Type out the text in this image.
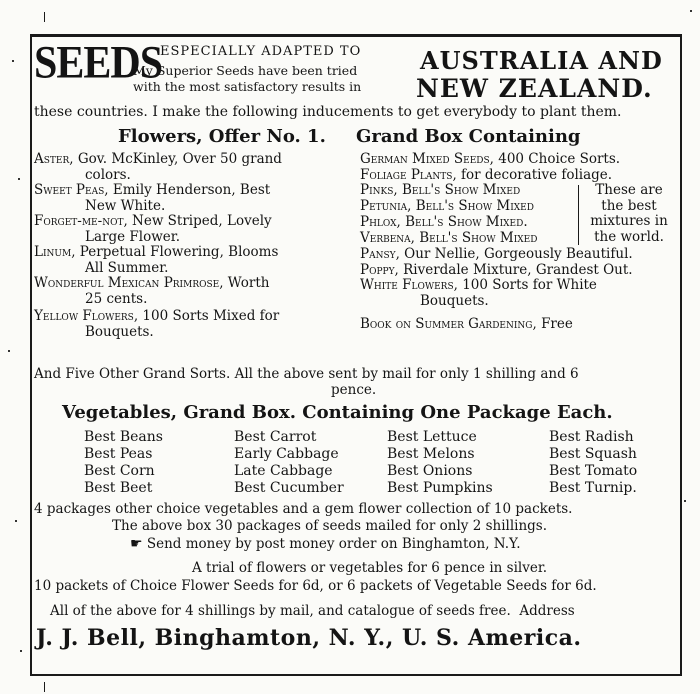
SEEDS
ESPECIALLY ADAPTED TO
My Superior Seeds have been tried
with the most satisfactory results in
AUSTRALIA AND
NEW ZEALAND.
these countries. I make the following inducements to get everybody to plant them.
Flowers, Offer No. 1. Grand Box Containing
Aster, Gov. McKinley, Over 50 grand
colors.
Sweet Peas, Emily Henderson, Best
New White.
Forget-me-not, New Striped, Lovely
Large Flower.
Linum, Perpetual Flowering, Blooms
All Summer.
Wonderful Mexican Primrose, Worth
25 cents.
Yellow Flowers, 100 Sorts Mixed for
Bouquets.
German Mixed Seeds, 400 Choice Sorts.
Foliage Plants, for decorative foliage.
Pinks, Bell's Show Mixed
Petunia, Bell's Show Mixed
Phlox, Bell's Show Mixed.
Verbena, Bell's Show Mixed
These are
the best
mixtures in
the world.
Pansy, Our Nellie, Gorgeously Beautiful.
Poppy, Riverdale Mixture, Grandest Out.
White Flowers, 100 Sorts for White
Bouquets.
Book on Summer Gardening, Free
And Five Other Grand Sorts. All the above sent by mail for only 1 shilling and 6
pence.
Vegetables, Grand Box. Containing One Package Each.
Best Beans	Best Carrot	Best Lettuce	Best Radish
Best Peas	Early Cabbage	Best Melons	Best Squash
Best Corn	Late Cabbage	Best Onions	Best Tomato
Best Beet	Best Cucumber	Best Pumpkins	Best Turnip.
4 packages other choice vegetables and a gem flower collection of 10 packets.
The above box 30 packages of seeds mailed for only 2 shillings.
☛ Send money by post money order on Binghamton, N.Y.
A trial of flowers or vegetables for 6 pence in silver.
10 packets of Choice Flower Seeds for 6d, or 6 packets of Vegetable Seeds for 6d.
All of the above for 4 shillings by mail, and catalogue of seeds free. Address
J. J. Bell, Binghamton, N. Y., U. S. America.
